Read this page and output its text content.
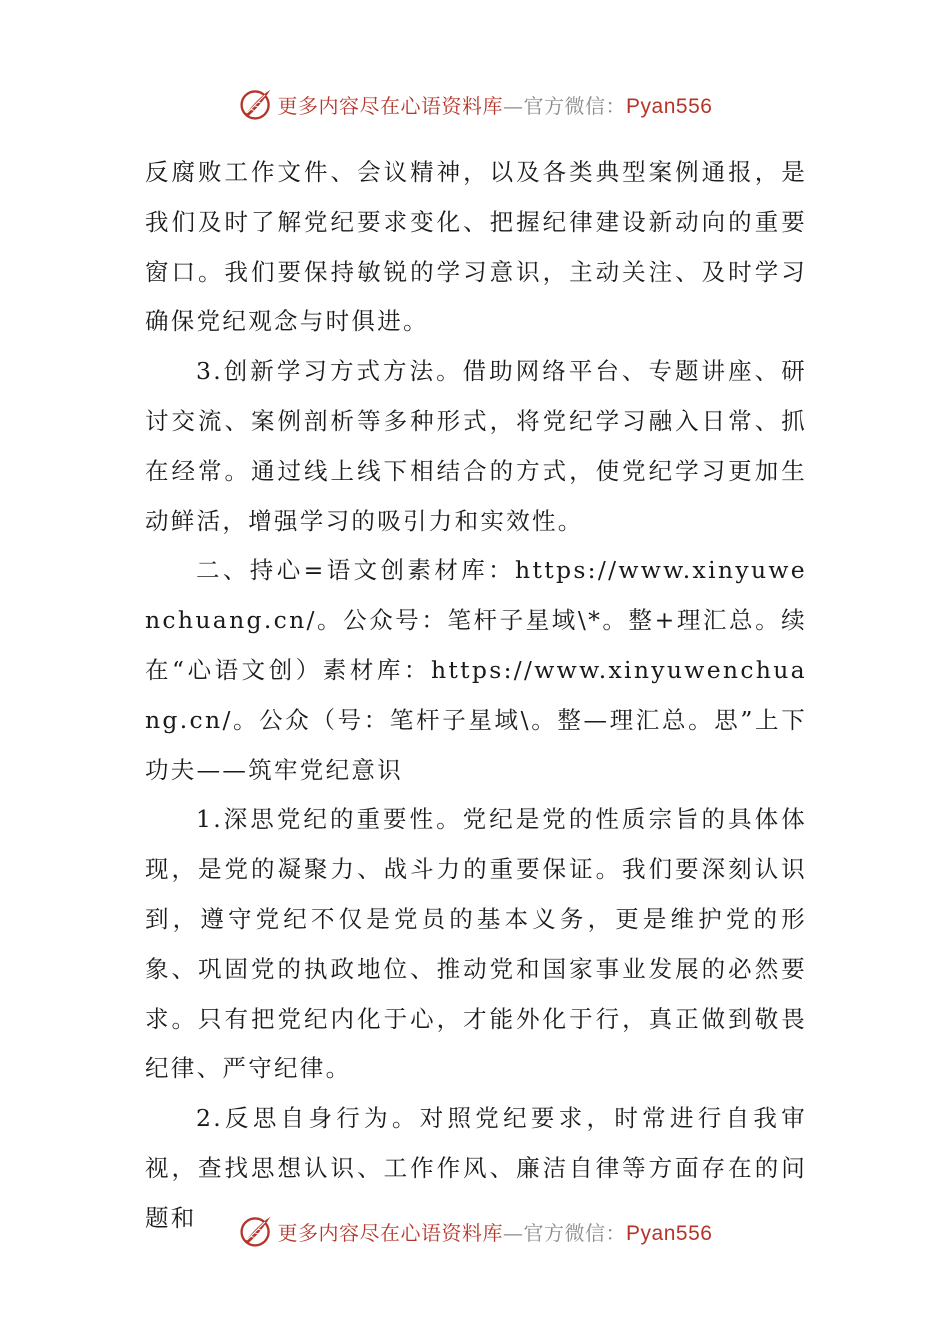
更多内容尽在心语资料库—官方微信：Pyan556

反腐败工作文件、会议精神，以及各类典型案例通报，是我们及时了解党纪要求变化、把握纪律建设新动向的重要窗口。我们要保持敏锐的学习意识，主动关注、及时学习确保党纪观念与时俱进。

3.创新学习方式方法。借助网络平台、专题讲座、研讨交流、案例剖析等多种形式，将党纪学习融入日常、抓在经常。通过线上线下相结合的方式，使党纪学习更加生动鲜活，增强学习的吸引力和实效性。

二、持心=语文创素材库：https://www.xinyuwenchuang.cn/。公众号：笔杆子星域\*。整+理汇总。续在“心语文创）素材库：https://www.xinyuwenchuang.cn/。公众（号：笔杆子星域\。整—理汇总。思”上下功夫——筑牢党纪意识

1.深思党纪的重要性。党纪是党的性质宗旨的具体体现，是党的凝聚力、战斗力的重要保证。我们要深刻认识到，遵守党纪不仅是党员的基本义务，更是维护党的形象、巩固党的执政地位、推动党和国家事业发展的必然要求。只有把党纪内化于心，才能外化于行，真正做到敬畏纪律、严守纪律。

2.反思自身行为。对照党纪要求，时常进行自我审视，查找思想认识、工作作风、廉洁自律等方面存在的问题和

更多内容尽在心语资料库—官方微信：Pyan556
